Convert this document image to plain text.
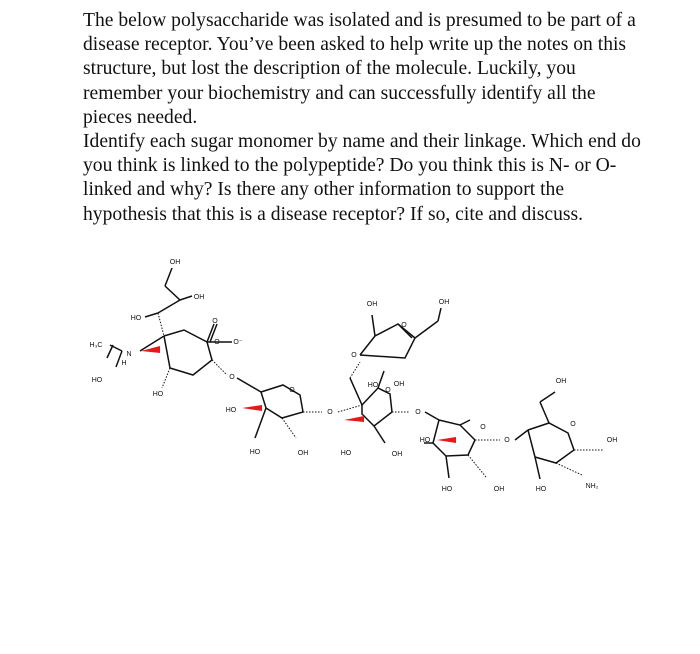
The below polysaccharide was isolated and is presumed to be part of a disease receptor. You’ve been asked to help write up the notes on this structure, but lost the description of the molecule. Luckily, you remember your biochemistry and can successfully identify all the pieces needed.

Identify each sugar monomer by name and their linkage. Which end do you think is linked to the polypeptide? Do you think this is N- or O-linked and why? Is there any other information to support the hypothesis that this is a disease receptor? If so, cite and discuss.

OH
OH
HO	O
O⁻
O
H₃C
N
H
HO
HO
O
O
HO
HO	OH
O
O
HO OH
HO	OH
O
OH	OH
O
O
O
HO
HO	OH
O
O
OH
HO	NH₂
OH
